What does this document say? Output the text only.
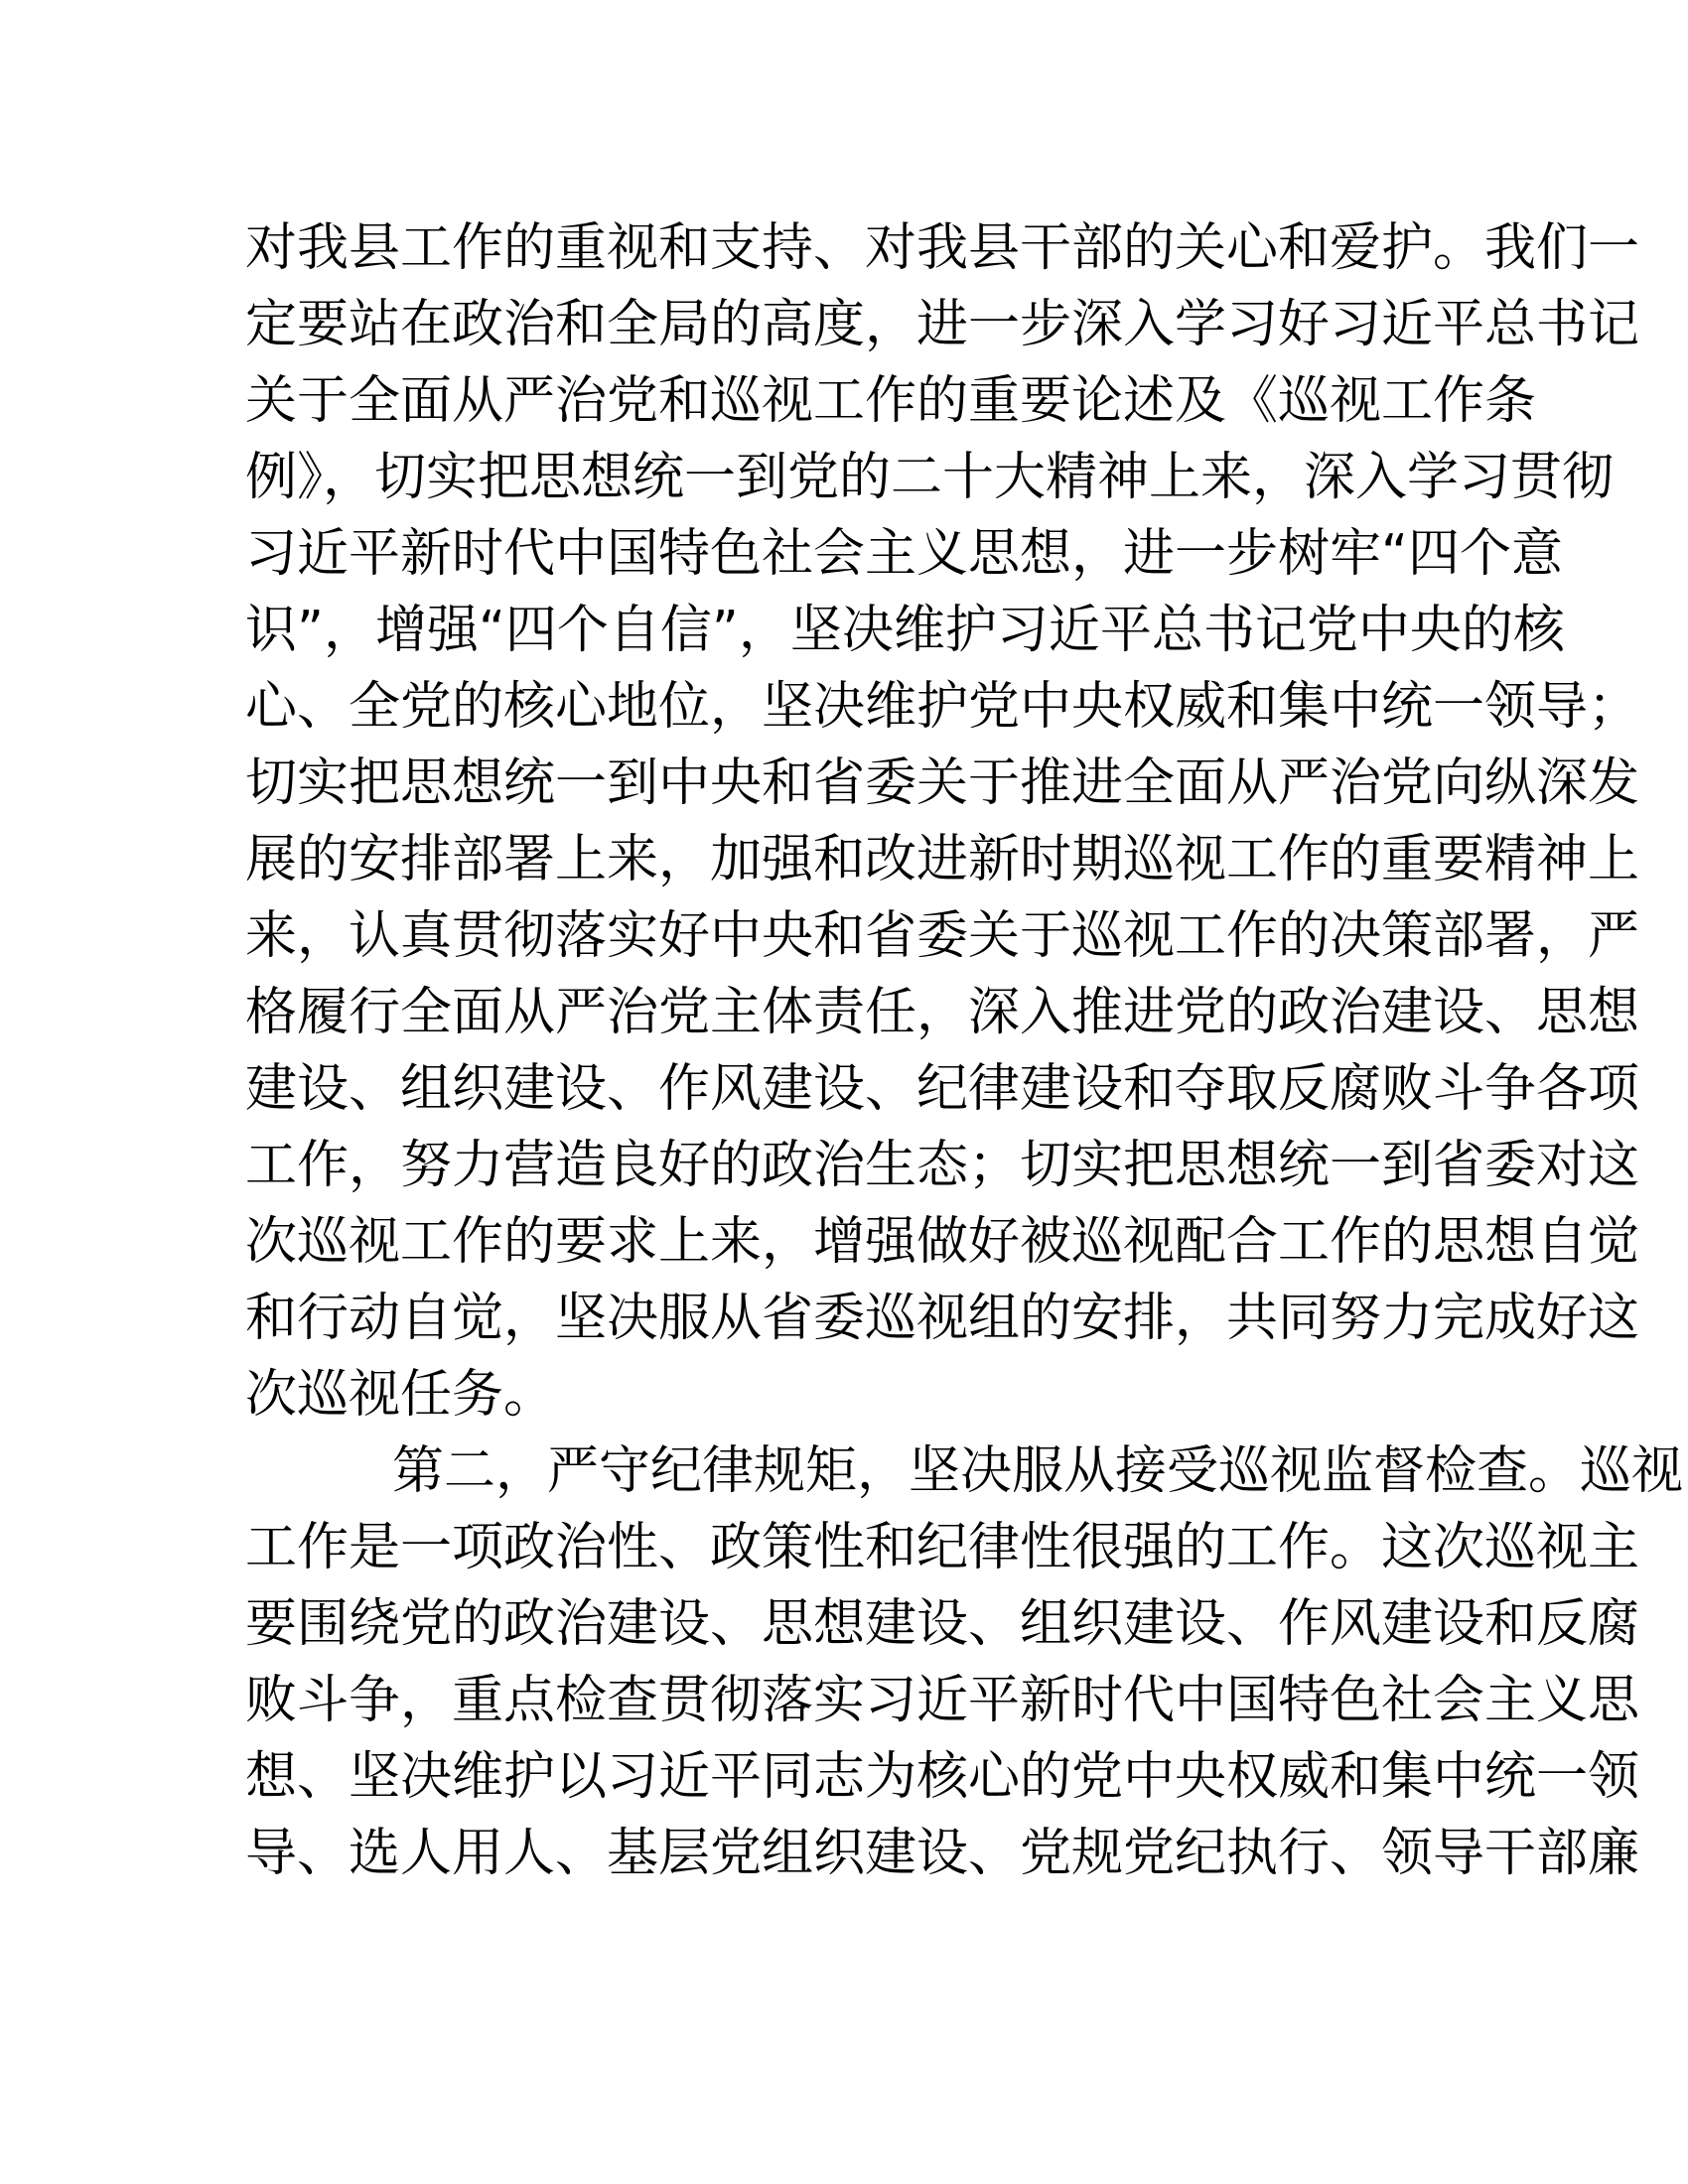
对我县工作的重视和支持、对我县干部的关心和爱护。我们一
定要站在政治和全局的高度，进一步深入学习好习近平总书记
关于全面从严治党和巡视工作的重要论述及《巡视工作条
例》，切实把思想统一到党的二十大精神上来，深入学习贯彻
习近平新时代中国特色社会主义思想，进一步树牢“四个意
识”，增强“四个自信”，坚决维护习近平总书记党中央的核
心、全党的核心地位，坚决维护党中央权威和集中统一领导；
切实把思想统一到中央和省委关于推进全面从严治党向纵深发
展的安排部署上来，加强和改进新时期巡视工作的重要精神上
来，认真贯彻落实好中央和省委关于巡视工作的决策部署，严
格履行全面从严治党主体责任，深入推进党的政治建设、思想
建设、组织建设、作风建设、纪律建设和夺取反腐败斗争各项
工作，努力营造良好的政治生态；切实把思想统一到省委对这
次巡视工作的要求上来，增强做好被巡视配合工作的思想自觉
和行动自觉，坚决服从省委巡视组的安排，共同努力完成好这
次巡视任务。
第二，严守纪律规矩，坚决服从接受巡视监督检查。巡视
工作是一项政治性、政策性和纪律性很强的工作。这次巡视主
要围绕党的政治建设、思想建设、组织建设、作风建设和反腐
败斗争，重点检查贯彻落实习近平新时代中国特色社会主义思
想、坚决维护以习近平同志为核心的党中央权威和集中统一领
导、选人用人、基层党组织建设、党规党纪执行、领导干部廉
